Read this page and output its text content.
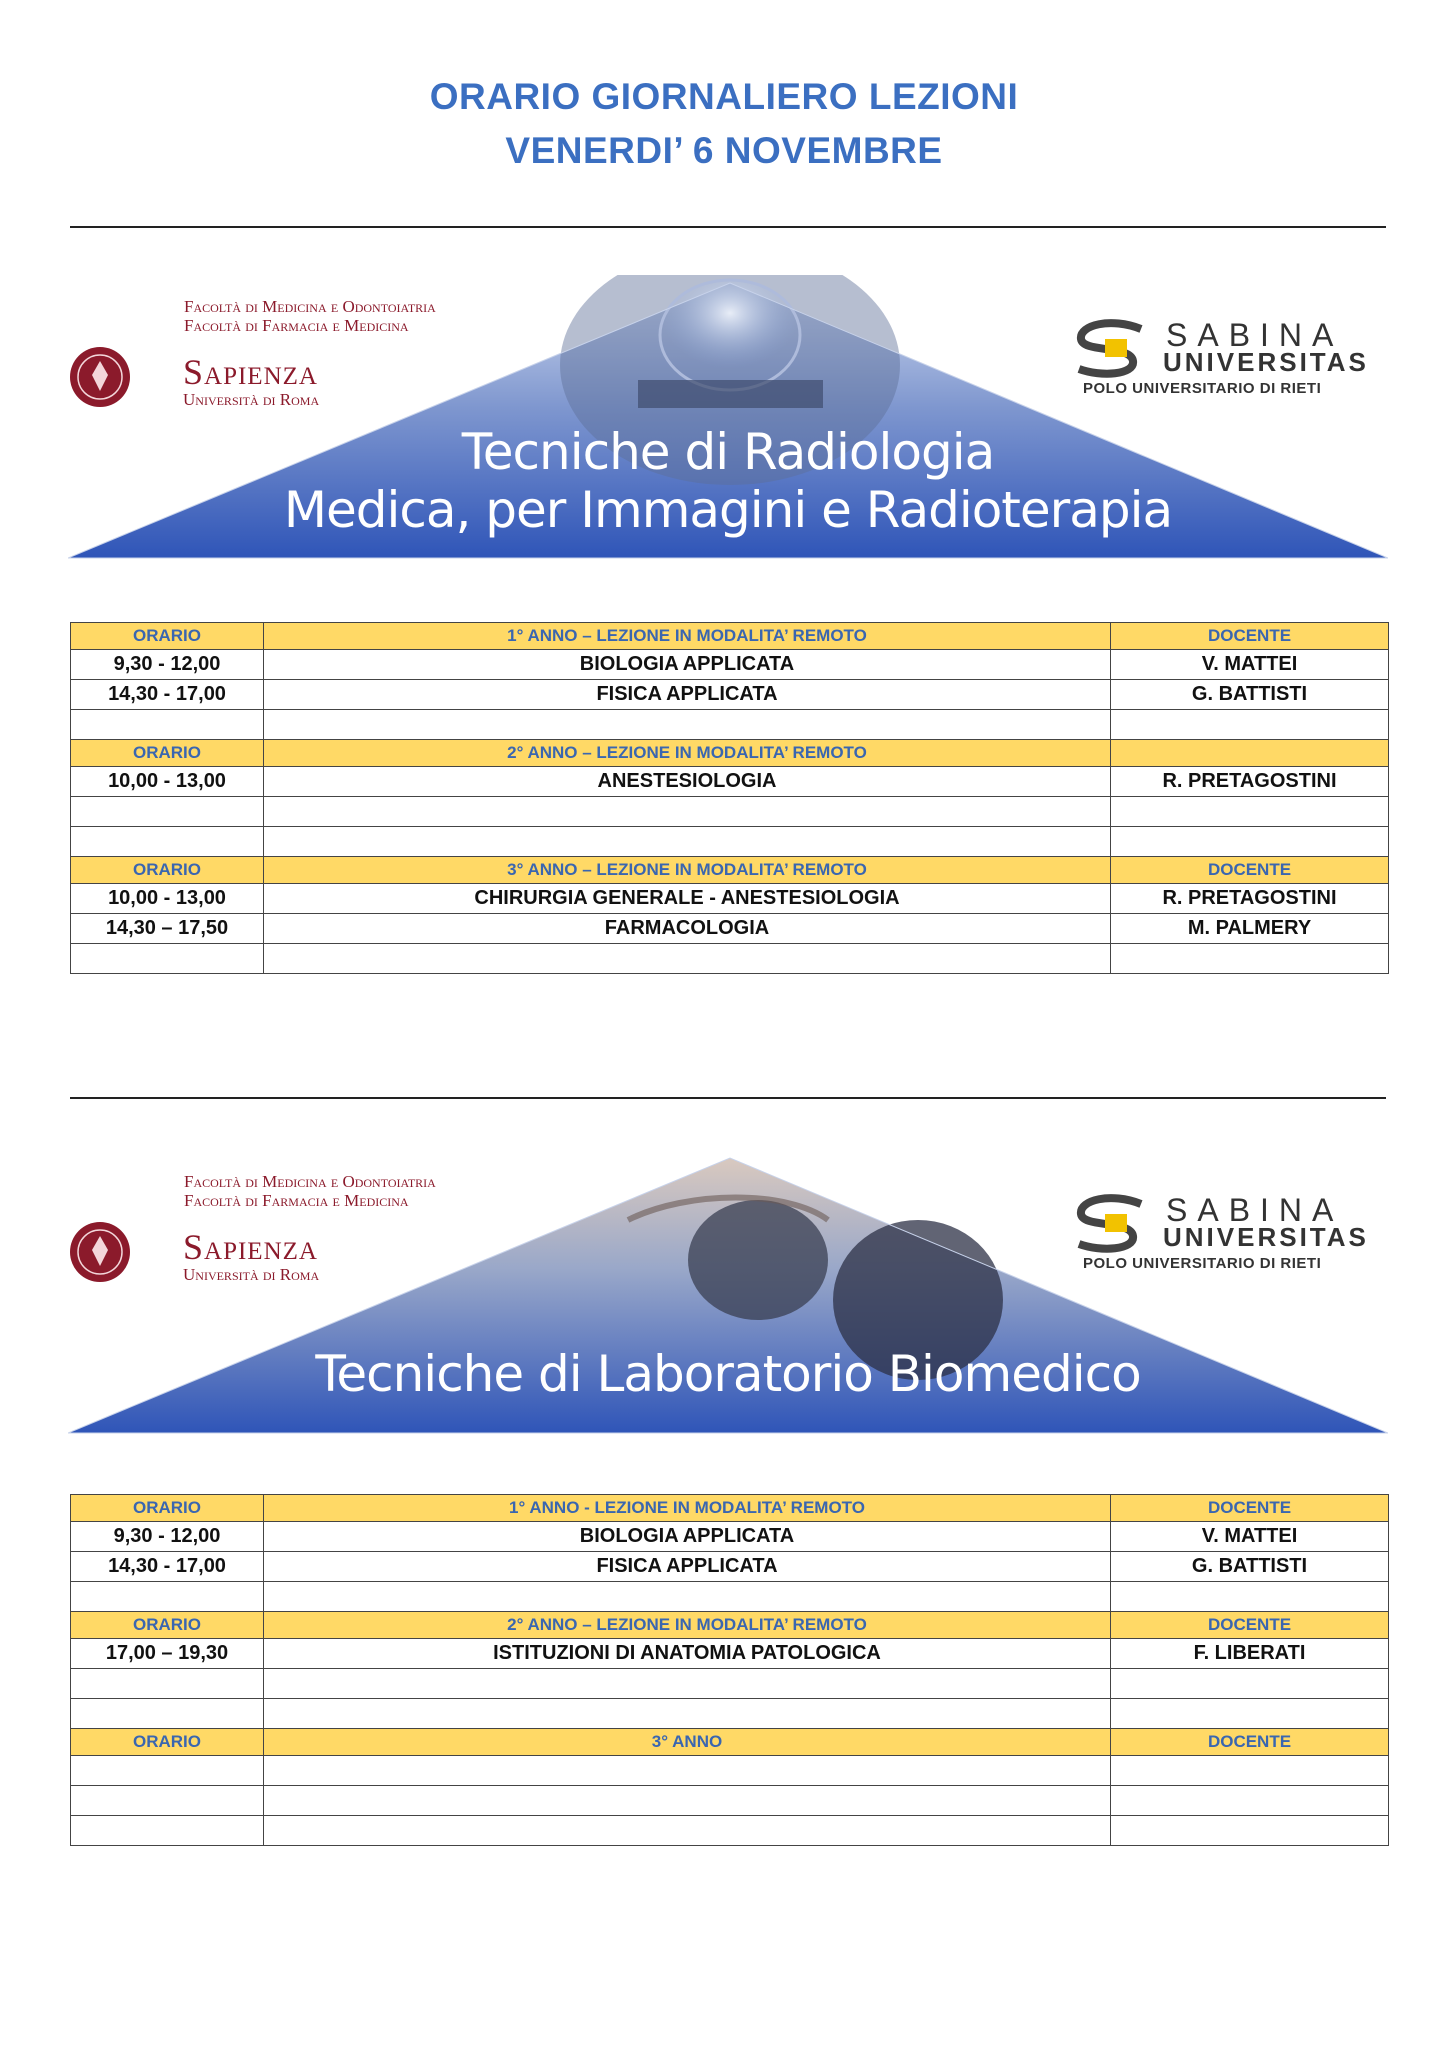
ORARIO GIORNALIERO LEZIONI
VENERDI’ 6 NOVEMBRE
Facoltà di Medicina e Odontoiatria
Facoltà di Farmacia e Medicina
Sapienza
Università di Roma
SABINA
UNIVERSITAS
POLO UNIVERSITARIO DI RIETI
Tecniche di Radiologia
Medica, per Immagini e Radioterapia
ORARIO	1° ANNO – LEZIONE IN MODALITA’ REMOTO	DOCENTE
9,30 - 12,00	BIOLOGIA APPLICATA	V. MATTEI
14,30 - 17,00	FISICA APPLICATA	G. BATTISTI

ORARIO	2° ANNO – LEZIONE IN MODALITA’ REMOTO	
10,00 - 13,00	ANESTESIOLOGIA	R. PRETAGOSTINI

ORARIO	3° ANNO – LEZIONE IN MODALITA’ REMOTO	DOCENTE
10,00 - 13,00	CHIRURGIA GENERALE - ANESTESIOLOGIA	R. PRETAGOSTINI
14,30 – 17,50	FARMACOLOGIA	M. PALMERY

Facoltà di Medicina e Odontoiatria
Facoltà di Farmacia e Medicina
Sapienza
Università di Roma
SABINA
UNIVERSITAS
POLO UNIVERSITARIO DI RIETI
Tecniche di Laboratorio Biomedico
ORARIO	1° ANNO - LEZIONE IN MODALITA’ REMOTO	DOCENTE
9,30 - 12,00	BIOLOGIA APPLICATA	V. MATTEI
14,30 - 17,00	FISICA APPLICATA	G. BATTISTI

ORARIO	2° ANNO – LEZIONE IN MODALITA’ REMOTO	DOCENTE
17,00 – 19,30	ISTITUZIONI DI ANATOMIA PATOLOGICA	F. LIBERATI

ORARIO	3° ANNO	DOCENTE
